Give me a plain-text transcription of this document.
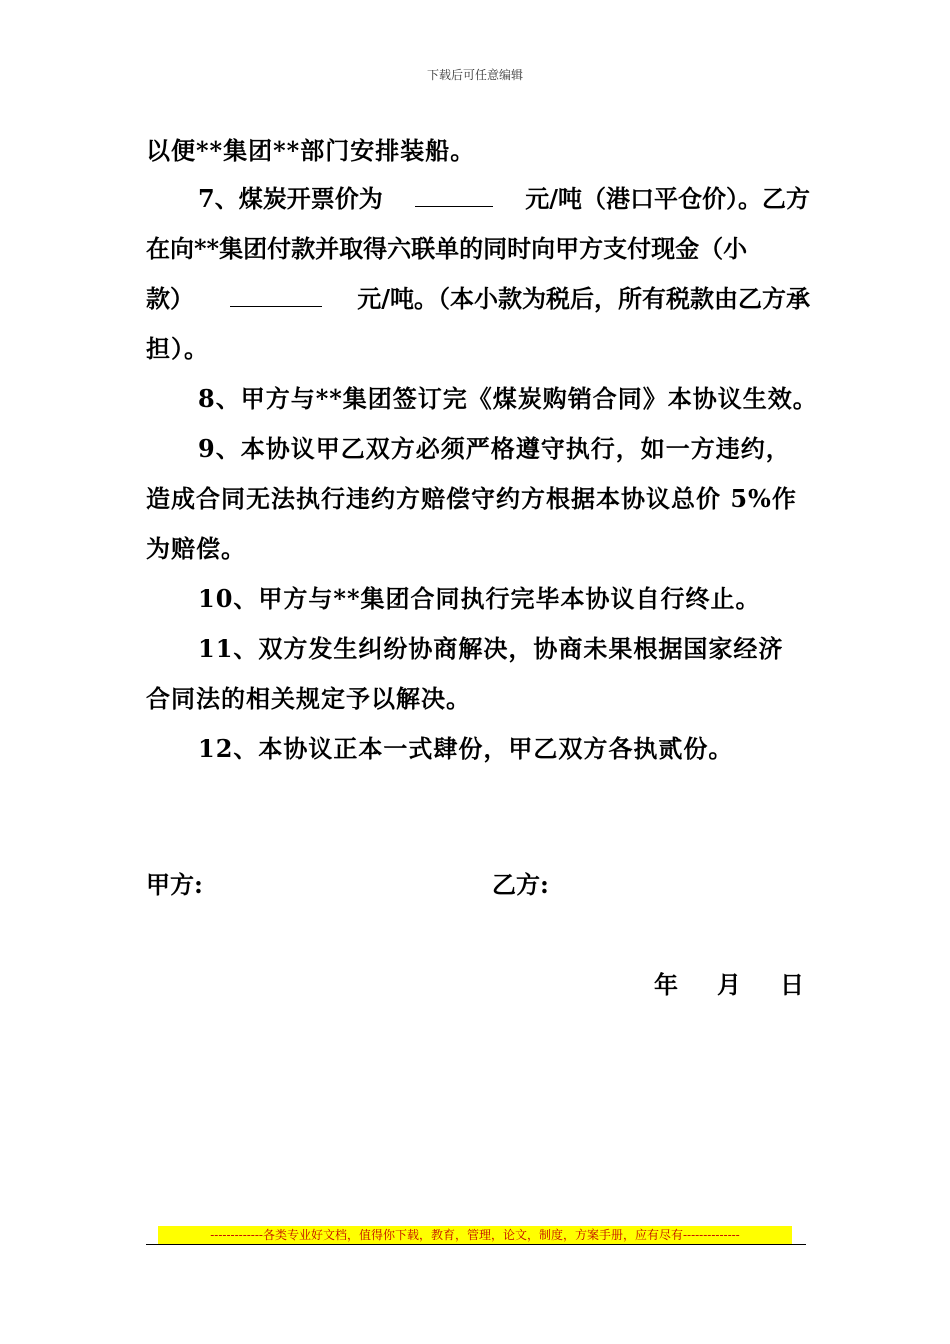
下载后可任意编辑
以便**集团**部门安排装船。
7、煤炭开票价为	元/吨（港口平仓价）。乙方
在向**集团付款并取得六联单的同时向甲方支付现金（小
款）	元/吨。（本小款为税后，所有税款由乙方承
担）。
8、甲方与**集团签订完《煤炭购销合同》本协议生效。
9、本协议甲乙双方必须严格遵守执行，如一方违约，
造成合同无法执行违约方赔偿守约方根据本协议总价 5%作
为赔偿。
10、甲方与**集团合同执行完毕本协议自行终止。
11、双方发生纠纷协商解决，协商未果根据国家经济
合同法的相关规定予以解决。
12、本协议正本一式肆份，甲乙双方各执贰份。
甲方:	乙方:
年 月 日
-------------各类专业好文档，值得你下载，教育，管理，论文，制度，方案手册，应有尽有--------------
